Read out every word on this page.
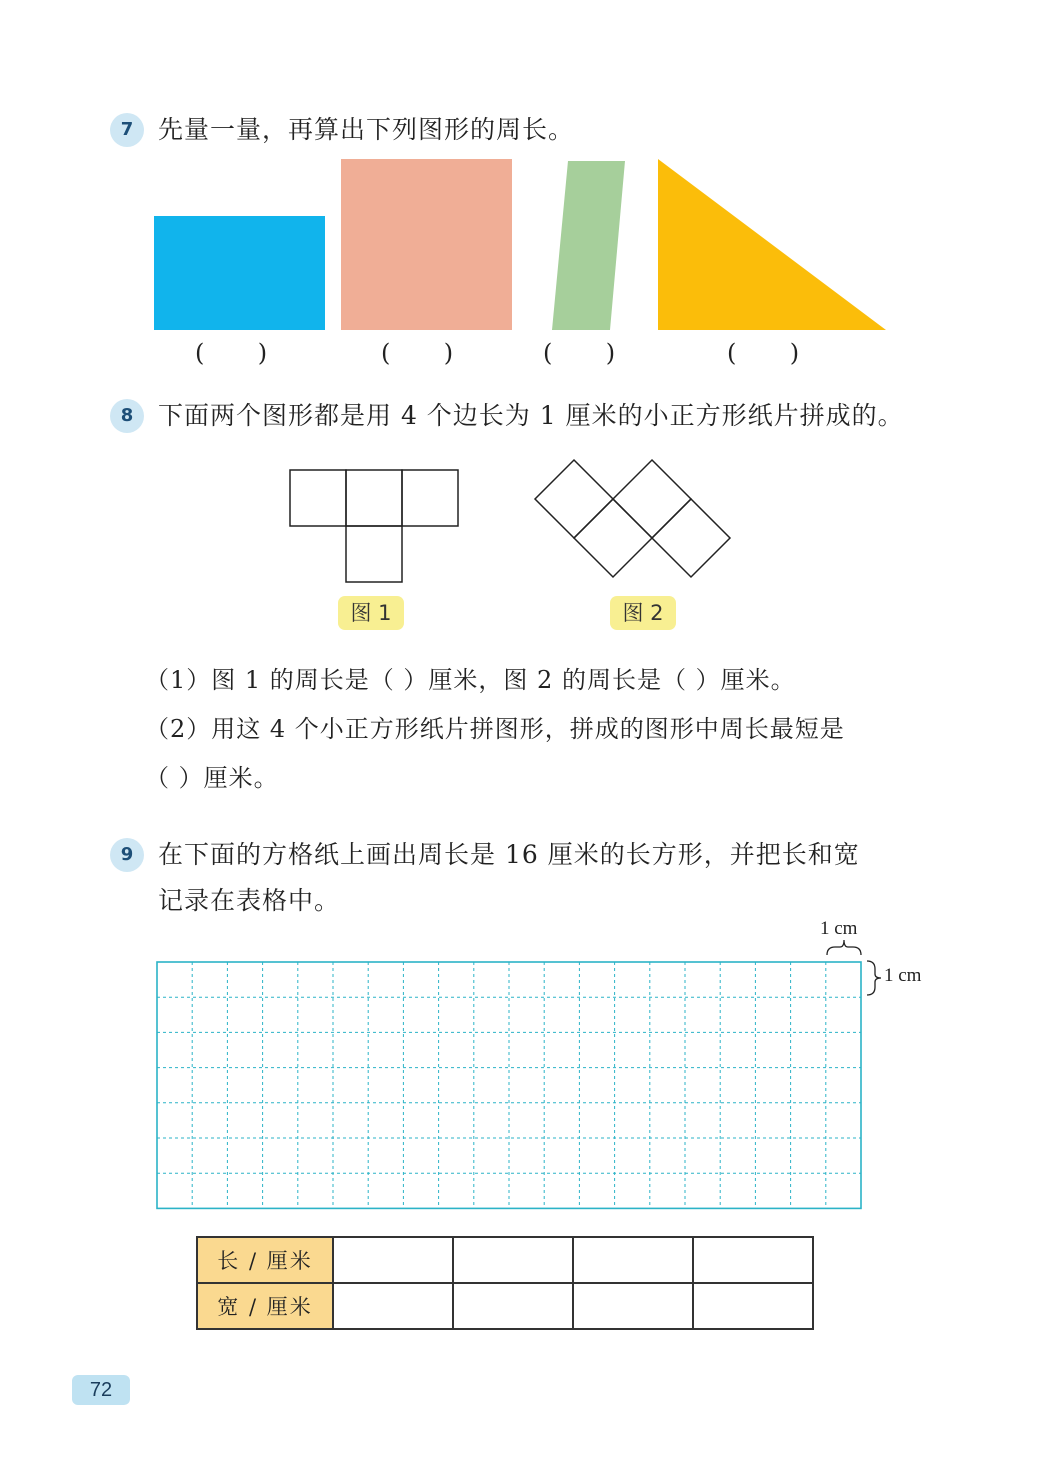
7 先量一量，再算出下列图形的周长。
(       )	(       )	(       )	(       )
8 下面两个图形都是用 4 个边长为 1 厘米的小正方形纸片拼成的。
图 1	图 2
（1）图 1 的周长是（ ）厘米，图 2 的周长是（ ）厘米。
（2）用这 4 个小正方形纸片拼图形，拼成的图形中周长最短是
（ ）厘米。
9 在下面的方格纸上画出周长是 16 厘米的长方形，并把长和宽
记录在表格中。
1 cm
1 cm
长 / 厘米				
宽 / 厘米				
72
